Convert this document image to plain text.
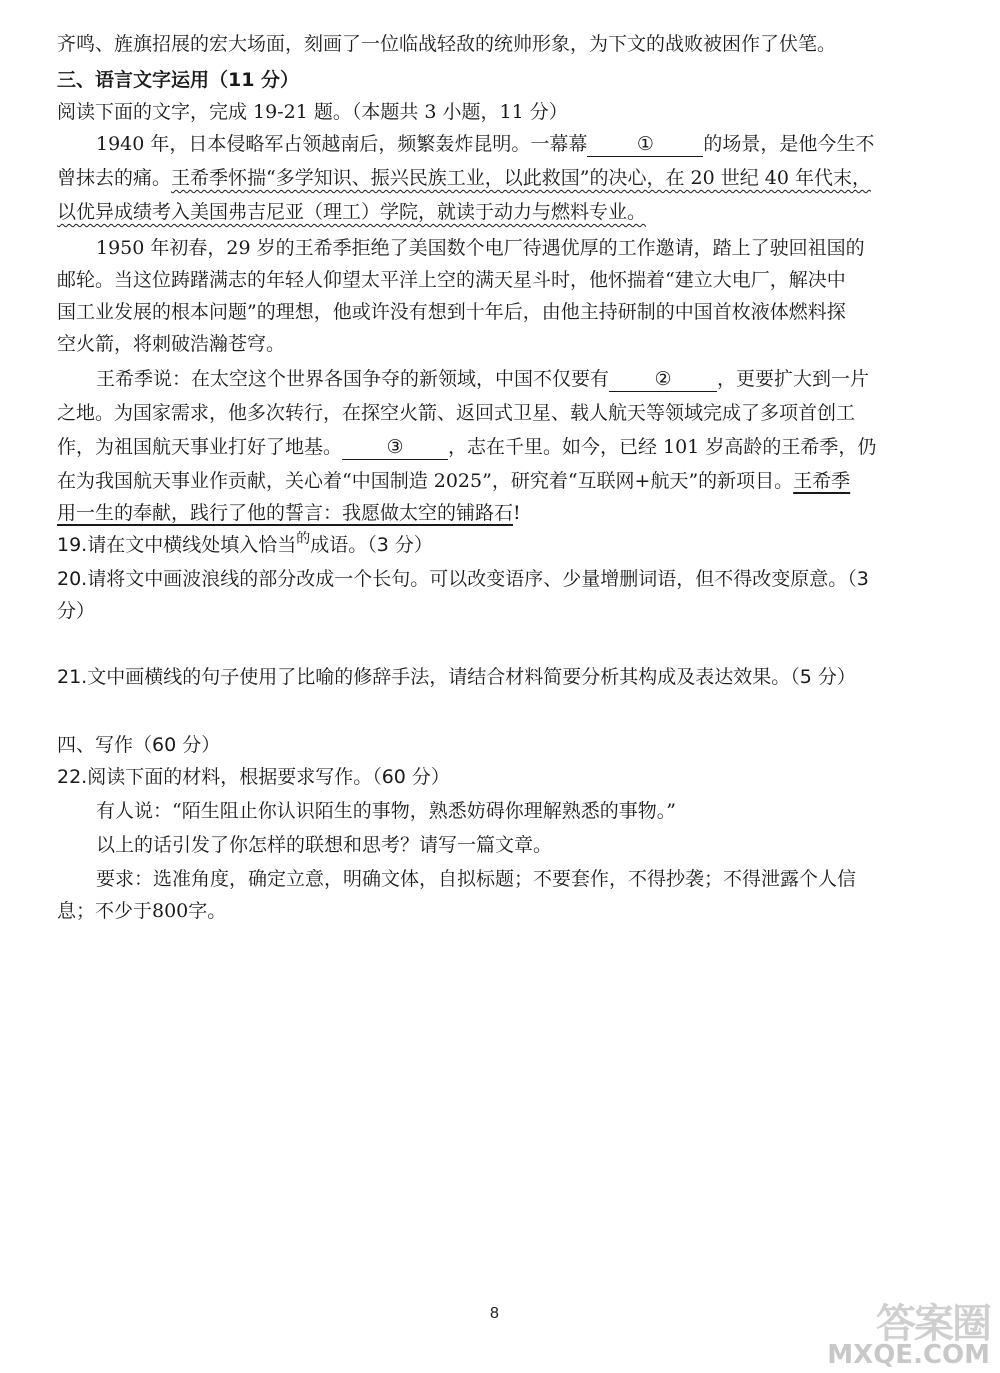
齐鸣、旌旗招展的宏大场面，刻画了一位临战轻敌的统帅形象，为下文的战败被困作了伏笔。
三、语言文字运用（11 分）
阅读下面的文字，完成 19-21 题。（本题共 3 小题，11 分）
1940 年，日本侵略军占领越南后，频繁轰炸昆明。一幕幕	①	的场景，是他今生不
曾抹去的痛。王希季怀揣“多学知识、振兴民族工业，以此救国”的决心，在 20 世纪 40 年代末，
以优异成绩考入美国弗吉尼亚（理工）学院，就读于动力与燃料专业。
1950 年初春，29 岁的王希季拒绝了美国数个电厂待遇优厚的工作邀请，踏上了驶回祖国的
邮轮。当这位踌躇满志的年轻人仰望太平洋上空的满天星斗时，他怀揣着“建立大电厂，解决中
国工业发展的根本问题”的理想，他或许没有想到十年后，由他主持研制的中国首枚液体燃料探
空火箭，将刺破浩瀚苍穹。
王希季说：在太空这个世界各国争夺的新领域，中国不仅要有 ② ，更要扩大到一片
之地。为国家需求，他多次转行，在探空火箭、返回式卫星、载人航天等领域完成了多项首创工
作，为祖国航天事业打好了地基。 ③ ，志在千里。如今，已经 101 岁高龄的王希季，仍
在为我国航天事业作贡献，关心着“中国制造 2025”，研究着“互联网+航天”的新项目。王希季
用一生的奉献，践行了他的誓言：我愿做太空的铺路石!
19.请在文中横线处填入恰当$^的$成语。（3 分）
20.请将文中画波浪线的部分改成一个长句。可以改变语序、少量增删词语，但不得改变原意。（3
分）
21.文中画横线的句子使用了比喻的修辞手法，请结合材料简要分析其构成及表达效果。（5 分）
四、写作（60 分）
22.阅读下面的材料，根据要求写作。（60 分）
有人说：“陌生阻止你认识陌生的事物，熟悉妨碍你理解熟悉的事物。”
以上的话引发了你怎样的联想和思考？请写一篇文章。
要求：选准角度，确定立意，明确文体，自拟标题；不要套作，不得抄袭；不得泄露个人信
息；不少于800字。
8	答案圈
MXQE.COM
